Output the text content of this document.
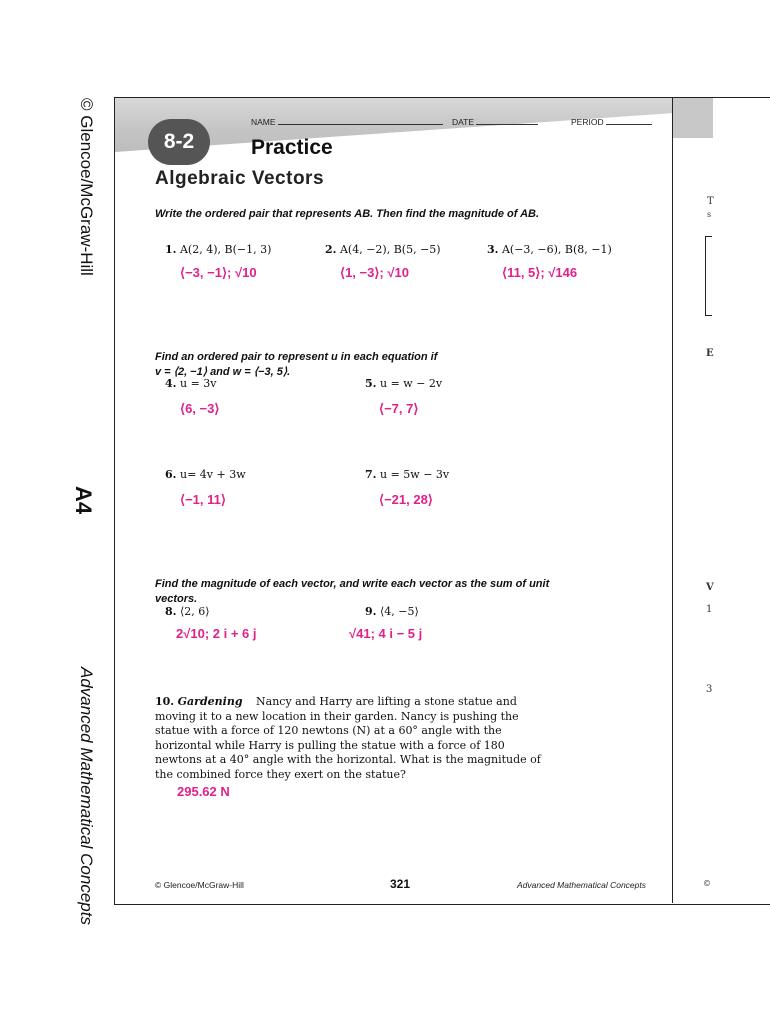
© Glencoe/McGraw-Hill
A4
Advanced Mathematical Concepts
8-2
NAME	DATE	PERIOD
Practice
Algebraic Vectors
Write the ordered pair that represents AB. Then find the magnitude of AB.
1. A(2, 4), B(−1, 3)
⟨−3, −1⟩; √10
2. A(4, −2), B(5, −5)
⟨1, −3⟩; √10
3. A(−3, −6), B(8, −1)
⟨11, 5⟩; √146
Find an ordered pair to represent u in each equation if
v = ⟨2, −1⟩ and w = ⟨−3, 5⟩.
4. u = 3v
⟨6, −3⟩
5. u = w − 2v
⟨−7, 7⟩
6. u= 4v + 3w
⟨−1, 11⟩
7. u = 5w − 3v
⟨−21, 28⟩
Find the magnitude of each vector, and write each vector as the sum of unit vectors.
8. ⟨2, 6⟩
2√10; 2 i + 6 j
9. ⟨4, −5⟩
√41; 4 i − 5 j
10. Gardening Nancy and Harry are lifting a stone statue and moving it to a new location in their garden. Nancy is pushing the statue with a force of 120 newtons (N) at a 60° angle with the horizontal while Harry is pulling the statue with a force of 180 newtons at a 40° angle with the horizontal. What is the magnitude of the combined force they exert on the statue?
295.62 N
© Glencoe/McGraw-Hill	321	Advanced Mathematical Concepts
T
s
E
V
1
3
©
